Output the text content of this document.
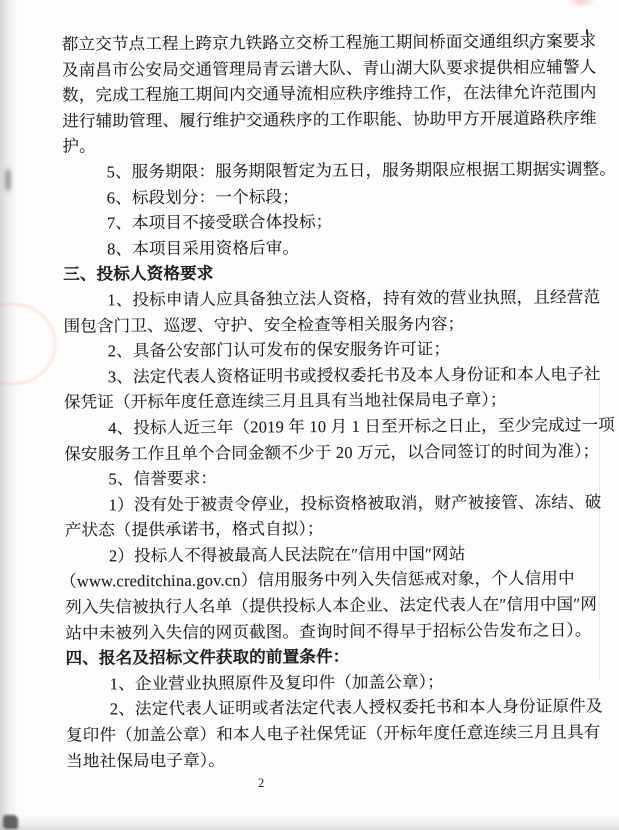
都立交节点工程上跨京九铁路立交桥工程施工期间桥面交通组织方案要求
及南昌市公安局交通管理局青云谱大队、青山湖大队要求提供相应辅警人
数，完成工程施工期间内交通导流相应秩序维持工作，在法律允许范围内
进行辅助管理、履行维护交通秩序的工作职能、协助甲方开展道路秩序维
护。
5、服务期限：服务期限暂定为五日，服务期限应根据工期据实调整。
6、标段划分：一个标段；
7、本项目不接受联合体投标；
8、本项目采用资格后审。
三、投标人资格要求
1、投标申请人应具备独立法人资格，持有效的营业执照，且经营范
围包含门卫、巡逻、守护、安全检查等相关服务内容；
2、具备公安部门认可发布的保安服务许可证；
3、法定代表人资格证明书或授权委托书及本人身份证和本人电子社
保凭证（开标年度任意连续三月且具有当地社保局电子章）；
4、投标人近三年（2019 年 10 月 1 日至开标之日止，至少完成过一项
保安服务工作且单个合同金额不少于 20 万元，以合同签订的时间为准）；
5、信誉要求：
1）没有处于被责令停业，投标资格被取消，财产被接管、冻结、破
产状态（提供承诺书，格式自拟）；
2）投标人不得被最高人民法院在″信用中国″网站
（www.creditchina.gov.cn）信用服务中列入失信惩戒对象，个人信用中
列入失信被执行人名单（提供投标人本企业、法定代表人在″信用中国″网
站中未被列入失信的网页截图。查询时间不得早于招标公告发布之日）。
四、报名及招标文件获取的前置条件：
1、企业营业执照原件及复印件（加盖公章）；
2、法定代表人证明或者法定代表人授权委托书和本人身份证原件及
复印件（加盖公章）和本人电子社保凭证（开标年度任意连续三月且具有
当地社保局电子章）。
2
